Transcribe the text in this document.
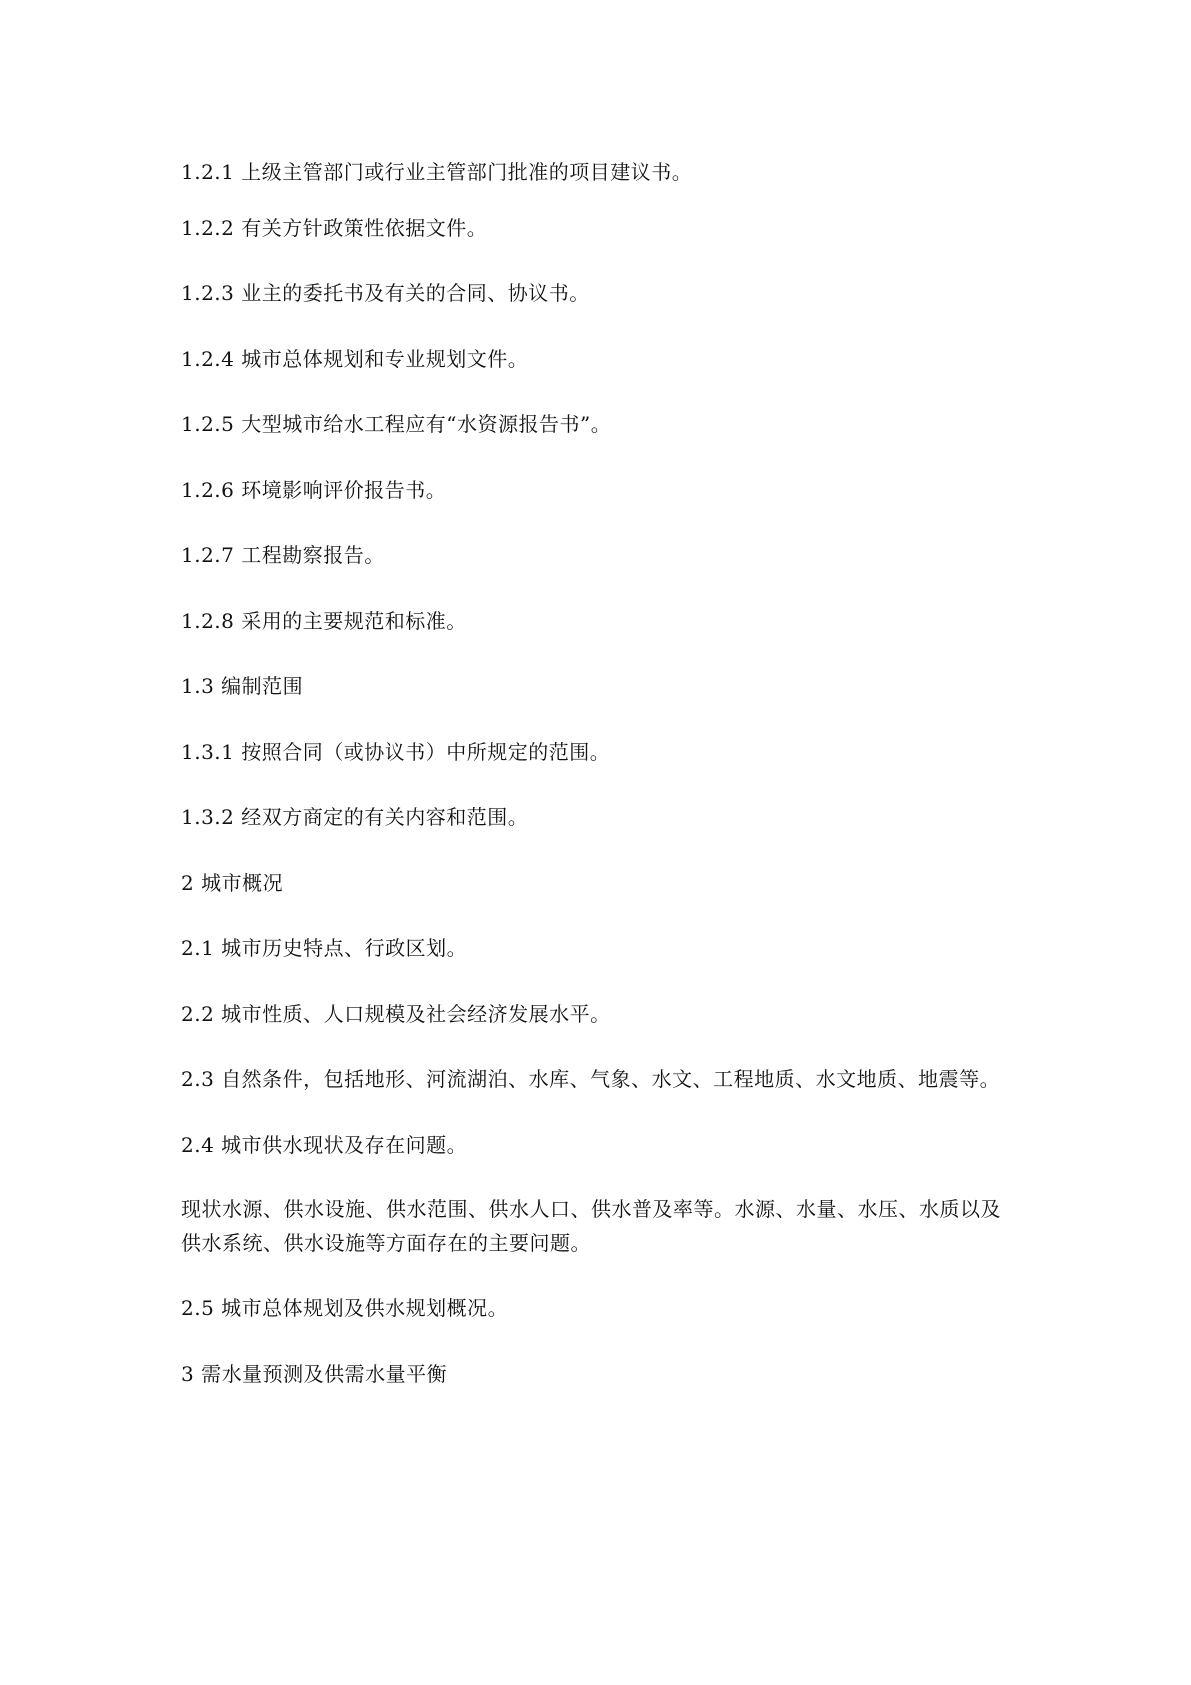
1.2.1 上级主管部门或行业主管部门批准的项目建议书。
1.2.2 有关方针政策性依据文件。
1.2.3 业主的委托书及有关的合同、协议书。
1.2.4 城市总体规划和专业规划文件。
1.2.5 大型城市给水工程应有“水资源报告书”。
1.2.6 环境影响评价报告书。
1.2.7 工程勘察报告。
1.2.8 采用的主要规范和标准。
1.3 编制范围
1.3.1 按照合同（或协议书）中所规定的范围。
1.3.2 经双方商定的有关内容和范围。
2 城市概况
2.1 城市历史特点、行政区划。
2.2 城市性质、人口规模及社会经济发展水平。
2.3 自然条件，包括地形、河流湖泊、水库、气象、水文、工程地质、水文地质、地震等。
2.4 城市供水现状及存在问题。
现状水源、供水设施、供水范围、供水人口、供水普及率等。水源、水量、水压、水质以及供水系统、供水设施等方面存在的主要问题。
2.5 城市总体规划及供水规划概况。
3 需水量预测及供需水量平衡
